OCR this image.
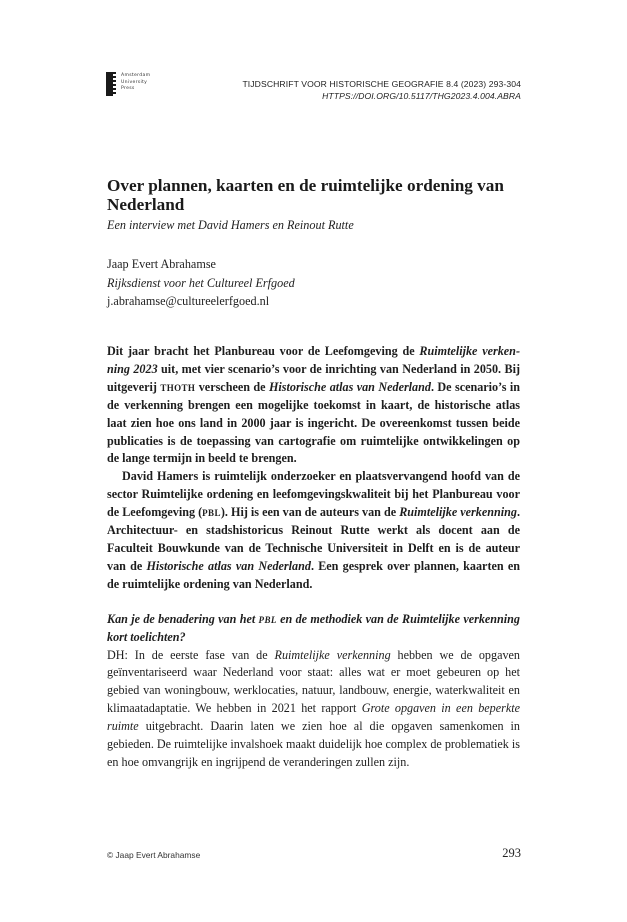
Amsterdam
University
Press	TIJDSCHRIFT VOOR HISTORISCHE GEOGRAFIE 8.4 (2023) 293-304
HTTPS://DOI.ORG/10.5117/THG2023.4.004.ABRA
Over plannen, kaarten en de ruimtelijke ordening van Nederland
Een interview met David Hamers en Reinout Rutte
Jaap Evert Abrahamse
Rijksdienst voor het Cultureel Erfgoed
j.abrahamse@cultureelerfgoed.nl

Dit jaar bracht het Planbureau voor de Leefomgeving de Ruimtelijke verkenning 2023 uit, met vier scenario’s voor de inrichting van Nederland in 2050. Bij uitgeverij thoth verscheen de Historische atlas van Nederland. De scenario’s in de verkenning brengen een mogelijke toekomst in kaart, de historische atlas laat zien hoe ons land in 2000 jaar is ingericht. De overeenkomst tussen beide publicaties is de toepassing van cartografie om ruimtelijke ontwikkelingen op de lange termijn in beeld te brengen.

David Hamers is ruimtelijk onderzoeker en plaatsvervangend hoofd van de sector Ruimtelijke ordening en leefomgevingskwaliteit bij het Planbureau voor de Leefomgeving (pbl). Hij is een van de auteurs van de Ruimtelijke verkenning. Architectuur- en stadshistoricus Reinout Rutte werkt als docent aan de Faculteit Bouwkunde van de Technische Universiteit in Delft en is de auteur van de Historische atlas van Nederland. Een gesprek over plannen, kaarten en de ruimtelijke ordening van Nederland.

Kan je de benadering van het pbl en de methodiek van de Ruimtelijke verkenning kort toelichten?

DH: In de eerste fase van de Ruimtelijke verkenning hebben we de opgaven geïnventariseerd waar Nederland voor staat: alles wat er moet gebeuren op het gebied van woningbouw, werklocaties, natuur, landbouw, energie, waterkwaliteit en klimaatadaptatie. We hebben in 2021 het rapport Grote opgaven in een beperkte ruimte uitgebracht. Daarin laten we zien hoe al die opgaven samenkomen in gebieden. De ruimtelijke invalshoek maakt duidelijk hoe complex de problematiek is en hoe omvangrijk en ingrijpend de veranderingen zullen zijn.

© Jaap Evert Abrahamse	293
